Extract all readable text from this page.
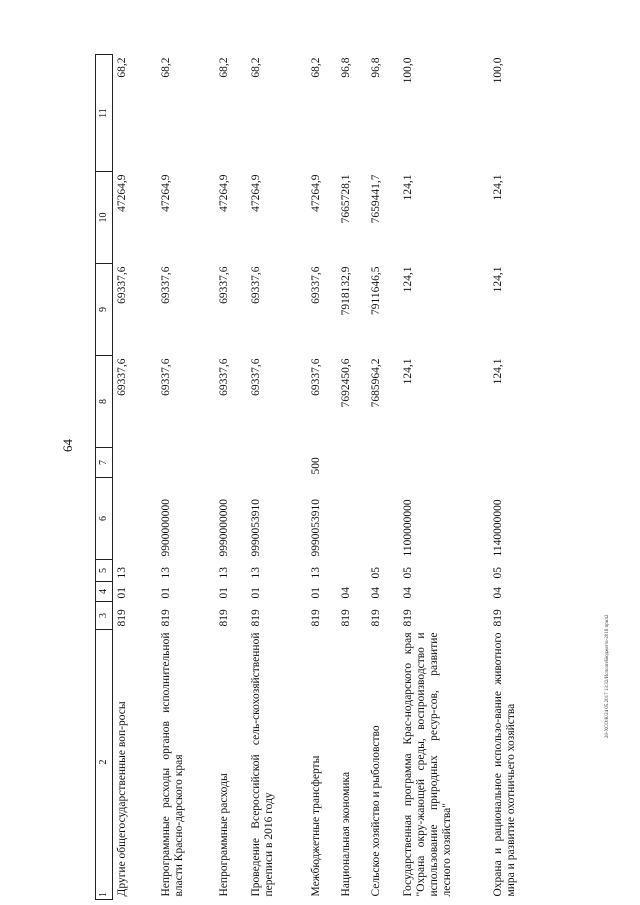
64
20-ХСО:К/24 05.2017 13:32/Исполн/Бюджет/к-2016 прил2
1
2	3	4	5	6	7	8	9	10	11
Другие общегосударственные воп-росы	819	01	13			69337,6	69337,6	47264,9	68,2
Непрограммные расходы органов исполнительной власти Красно-дарского края	819	01	13	9900000000		69337,6	69337,6	47264,9	68,2
Непрограммные расходы	819	01	13	9990000000		69337,6	69337,6	47264,9	68,2
Проведение Всероссийской сель-скохозяйственной переписи в 2016 году	819	01	13	9990053910		69337,6	69337,6	47264,9	68,2
Межбюджетные трансферты	819	01	13	9990053910	500	69337,6	69337,6	47264,9	68,2
Национальная экономика	819	04				7692450,6	7918132,9	7665728,1	96,8
Сельское хозяйство и рыболовство	819	04	05			7685964,2	7911646,5	7659441,7	96,8
Государственная программа Крас-нодарского края "Охрана окру-жающей среды, воспроизводство и использование природных ресур-сов, развитие лесного хозяйства"	819	04	05	1100000000		124,1	124,1	124,1	100,0
Охрана и рациональное использо-вание животного мира и развитие охотничьего хозяйства	819	04	05	1140000000		124,1	124,1	124,1	100,0
